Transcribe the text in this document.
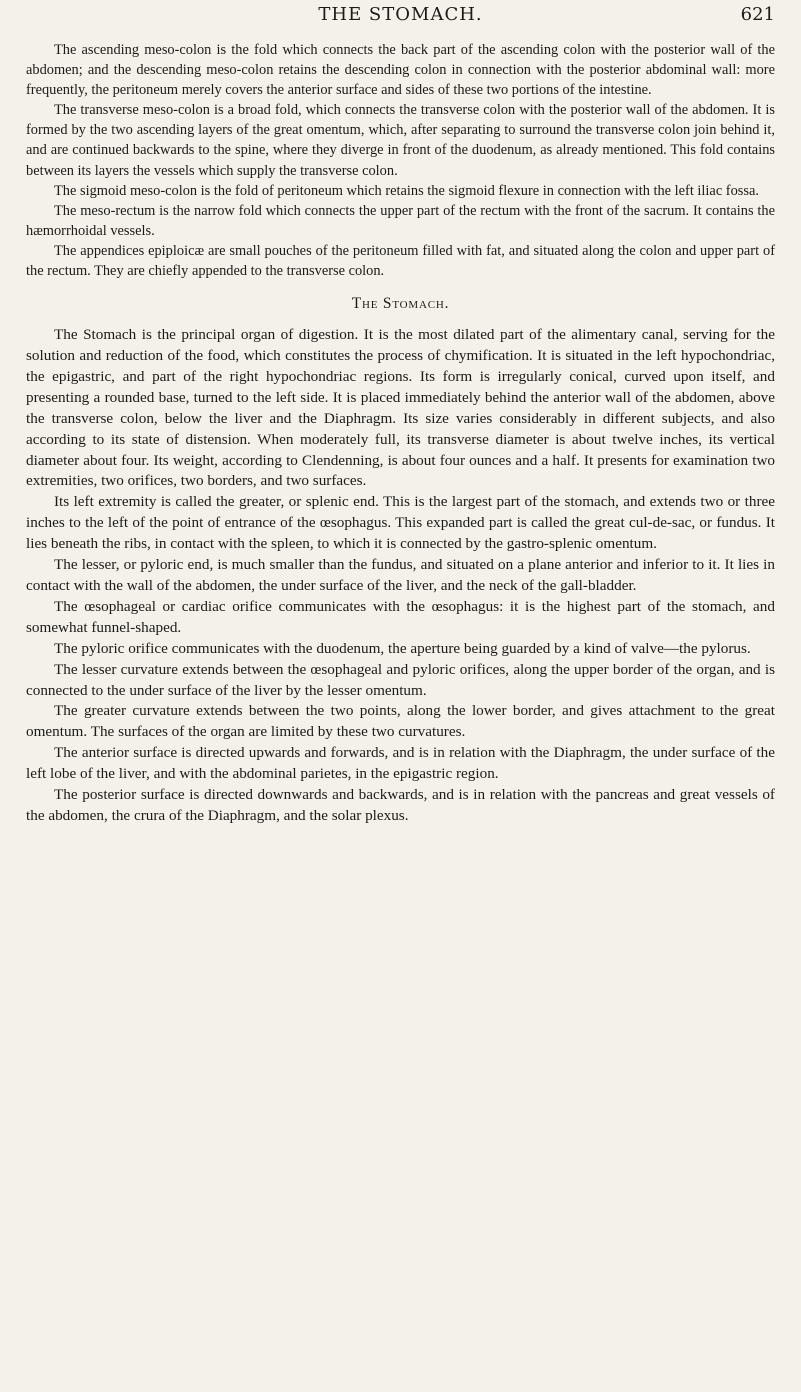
THE STOMACH.	621

The ascending meso-colon is the fold which connects the back part of the ascending colon with the posterior wall of the abdomen; and the descending meso-colon retains the descending colon in connection with the posterior abdominal wall: more frequently, the peritoneum merely covers the anterior surface and sides of these two portions of the intestine.

The transverse meso-colon is a broad fold, which connects the transverse colon with the posterior wall of the abdomen. It is formed by the two ascending layers of the great omentum, which, after separating to surround the transverse colon join behind it, and are continued backwards to the spine, where they diverge in front of the duodenum, as already mentioned. This fold contains between its layers the vessels which supply the transverse colon.

The sigmoid meso-colon is the fold of peritoneum which retains the sigmoid flexure in connection with the left iliac fossa.

The meso-rectum is the narrow fold which connects the upper part of the rectum with the front of the sacrum. It contains the hæmorrhoidal vessels.

The appendices epiploicæ are small pouches of the peritoneum filled with fat, and situated along the colon and upper part of the rectum. They are chiefly appended to the transverse colon.

The Stomach.

The Stomach is the principal organ of digestion. It is the most dilated part of the alimentary canal, serving for the solution and reduction of the food, which constitutes the process of chymification. It is situated in the left hypochondriac, the epigastric, and part of the right hypochondriac regions. Its form is irregularly conical, curved upon itself, and presenting a rounded base, turned to the left side. It is placed immediately behind the anterior wall of the abdomen, above the transverse colon, below the liver and the Diaphragm. Its size varies considerably in different subjects, and also according to its state of distension. When moderately full, its transverse diameter is about twelve inches, its vertical diameter about four. Its weight, according to Clendenning, is about four ounces and a half. It presents for examination two extremities, two orifices, two borders, and two surfaces.

Its left extremity is called the greater, or splenic end. This is the largest part of the stomach, and extends two or three inches to the left of the point of entrance of the œsophagus. This expanded part is called the great cul-de-sac, or fundus. It lies beneath the ribs, in contact with the spleen, to which it is connected by the gastro-splenic omentum.

The lesser, or pyloric end, is much smaller than the fundus, and situated on a plane anterior and inferior to it. It lies in contact with the wall of the abdomen, the under surface of the liver, and the neck of the gall-bladder.

The œsophageal or cardiac orifice communicates with the œsophagus: it is the highest part of the stomach, and somewhat funnel-shaped.

The pyloric orifice communicates with the duodenum, the aperture being guarded by a kind of valve—the pylorus.

The lesser curvature extends between the œsophageal and pyloric orifices, along the upper border of the organ, and is connected to the under surface of the liver by the lesser omentum.

The greater curvature extends between the two points, along the lower border, and gives attachment to the great omentum. The surfaces of the organ are limited by these two curvatures.

The anterior surface is directed upwards and forwards, and is in relation with the Diaphragm, the under surface of the left lobe of the liver, and with the abdominal parietes, in the epigastric region.

The posterior surface is directed downwards and backwards, and is in relation with the pancreas and great vessels of the abdomen, the crura of the Diaphragm, and the solar plexus.
